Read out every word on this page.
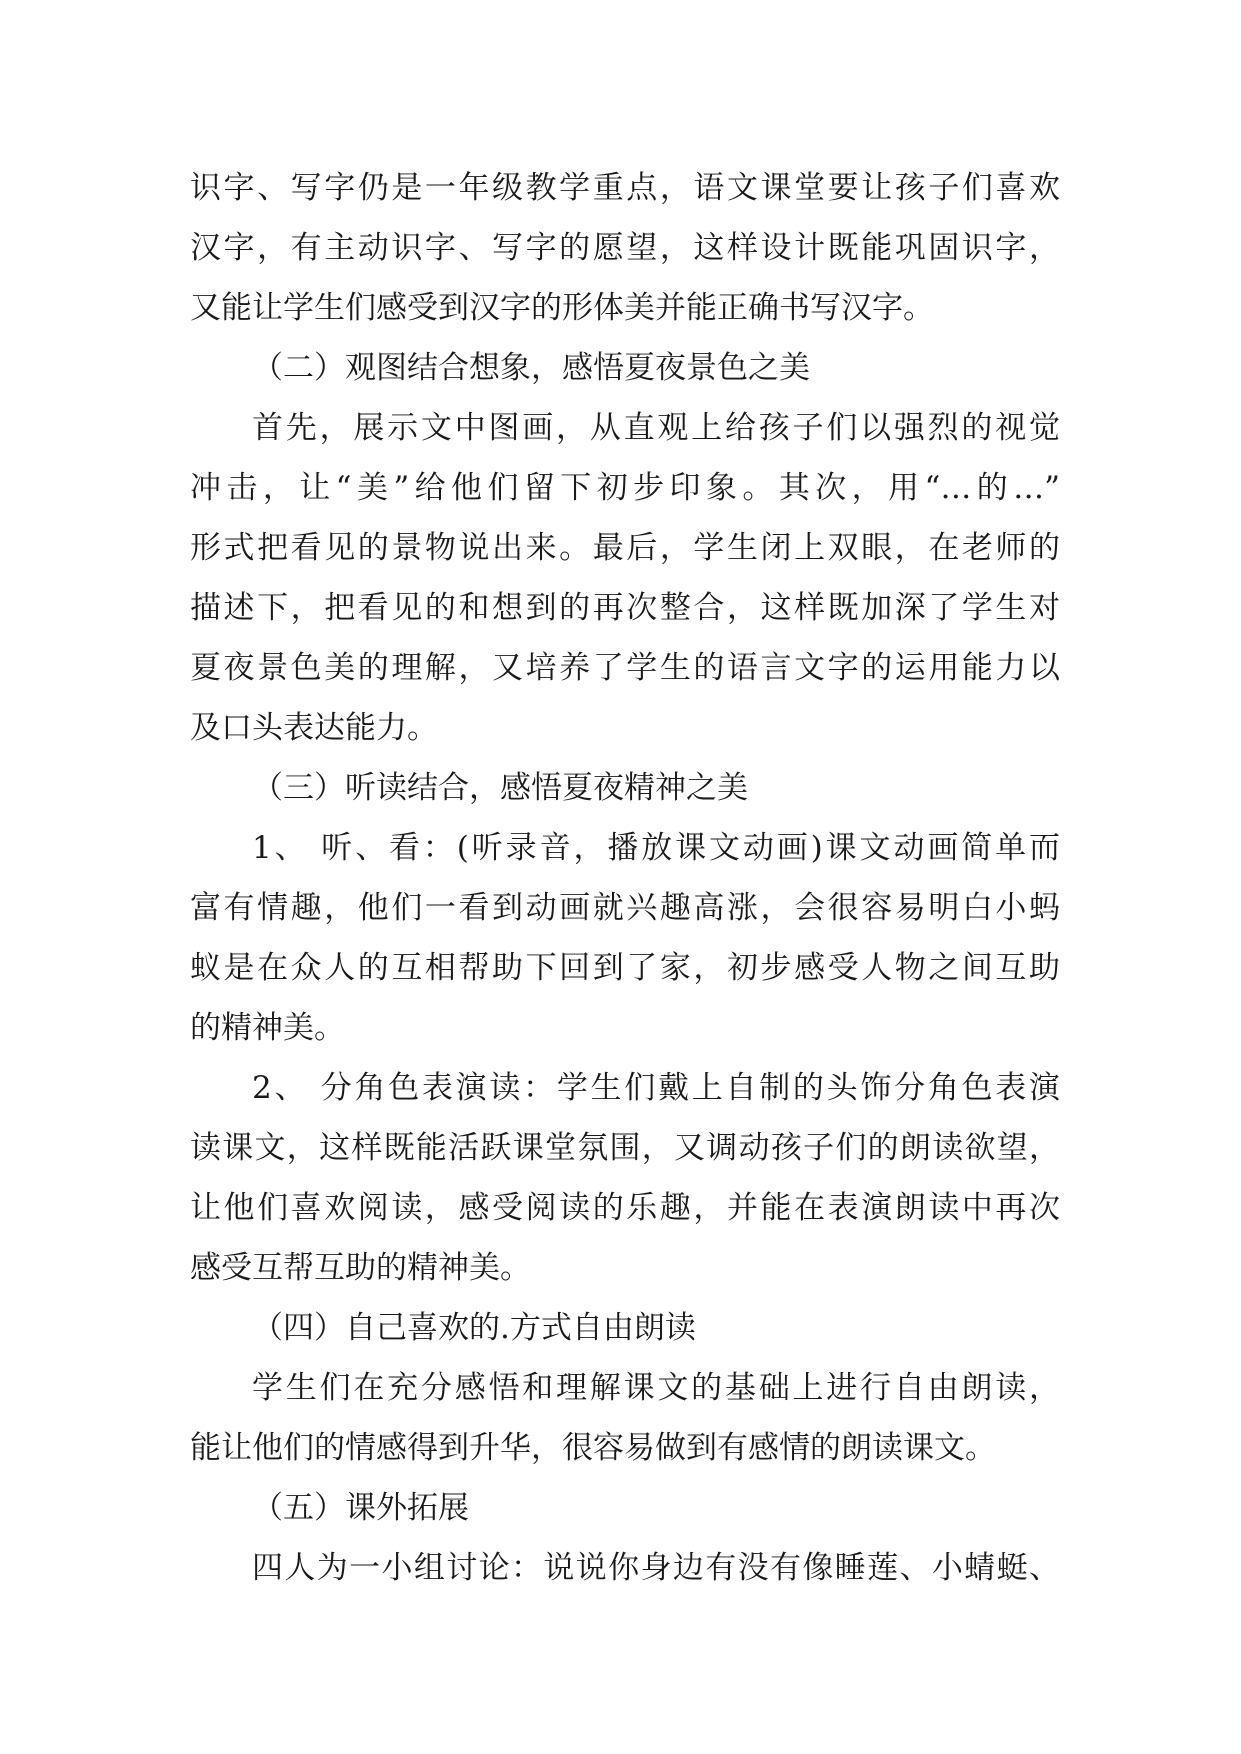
识字、写字仍是一年级教学重点，语文课堂要让孩子们喜欢
汉字，有主动识字、写字的愿望，这样设计既能巩固识字，
又能让学生们感受到汉字的形体美并能正确书写汉字。
（二）观图结合想象，感悟夏夜景色之美
首先，展示文中图画，从直观上给孩子们以强烈的视觉
冲击，让“美”给他们留下初步印象。其次，用“…的…”
形式把看见的景物说出来。最后，学生闭上双眼，在老师的
描述下，把看见的和想到的再次整合，这样既加深了学生对
夏夜景色美的理解，又培养了学生的语言文字的运用能力以
及口头表达能力。
（三）听读结合，感悟夏夜精神之美
1、 听、看：(听录音，播放课文动画)课文动画简单而
富有情趣，他们一看到动画就兴趣高涨，会很容易明白小蚂
蚁是在众人的互相帮助下回到了家，初步感受人物之间互助
的精神美。
2、 分角色表演读：学生们戴上自制的头饰分角色表演
读课文，这样既能活跃课堂氛围，又调动孩子们的朗读欲望，
让他们喜欢阅读，感受阅读的乐趣，并能在表演朗读中再次
感受互帮互助的精神美。
（四）自己喜欢的.方式自由朗读
学生们在充分感悟和理解课文的基础上进行自由朗读，
能让他们的情感得到升华，很容易做到有感情的朗读课文。
（五）课外拓展
四人为一小组讨论：说说你身边有没有像睡莲、小蜻蜓、
